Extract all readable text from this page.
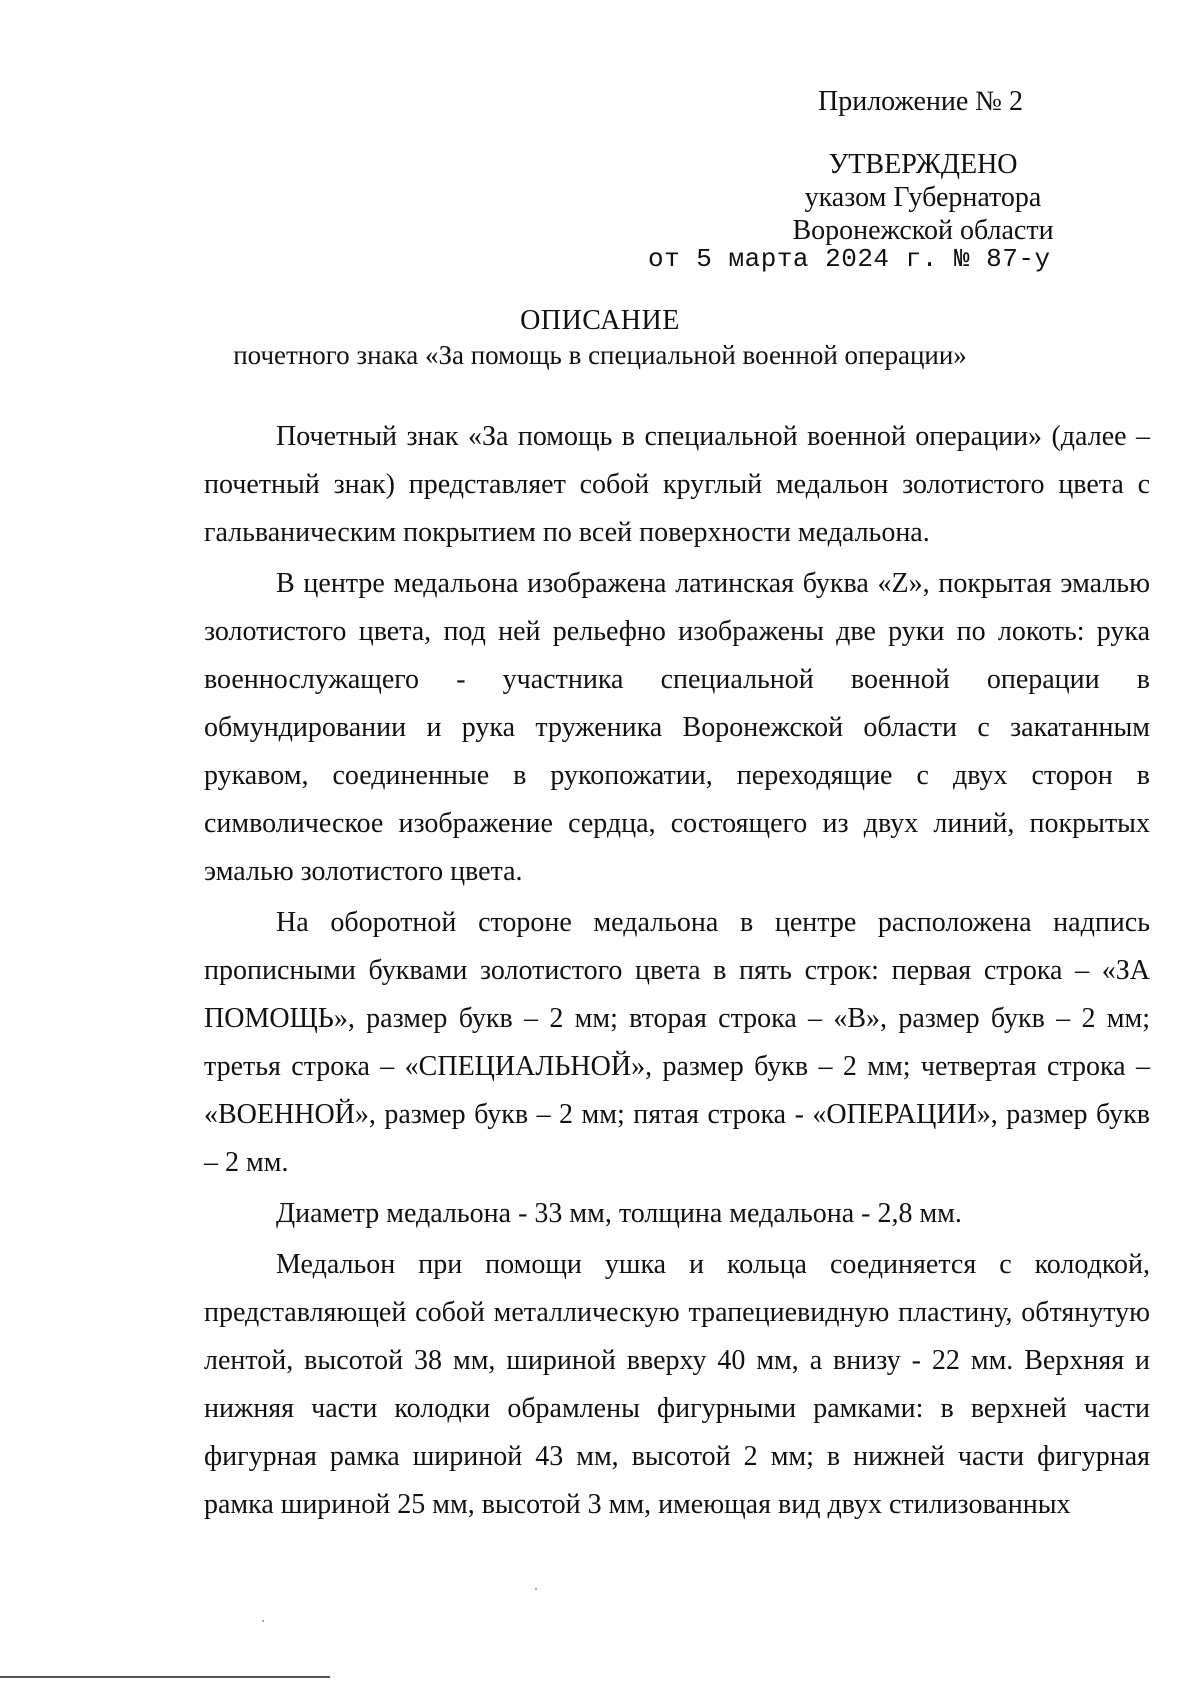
Приложение № 2
УТВЕРЖДЕНО
указом Губернатора
Воронежской области
от 5 марта 2024 г. № 87-у
ОПИСАНИЕ
почетного знака «За помощь в специальной военной операции»

Почетный знак «За помощь в специальной военной операции» (далее – почетный знак) представляет собой круглый медальон золотистого цвета с гальваническим покрытием по всей поверхности медальона.

В центре медальона изображена латинская буква «Z», покрытая эмалью золотистого цвета, под ней рельефно изображены две руки по локоть: рука военнослужащего - участника специальной военной операции в обмундировании и рука труженика Воронежской области с закатанным рукавом, соединенные в рукопожатии, переходящие с двух сторон в символическое изображение сердца, состоящего из двух линий, покрытых эмалью золотистого цвета.

На оборотной стороне медальона в центре расположена надпись прописными буквами золотистого цвета в пять строк: первая строка – «ЗА ПОМОЩЬ», размер букв – 2 мм; вторая строка – «В», размер букв – 2 мм; третья строка – «СПЕЦИАЛЬНОЙ», размер букв – 2 мм; четвертая строка – «ВОЕННОЙ», размер букв – 2 мм; пятая строка - «ОПЕРАЦИИ», размер букв – 2 мм.

Диаметр медальона - 33 мм, толщина медальона - 2,8 мм.

Медальон при помощи ушка и кольца соединяется с колодкой, представляющей собой металлическую трапециевидную пластину, обтянутую лентой, высотой 38 мм, шириной вверху 40 мм, а внизу - 22 мм. Верхняя и нижняя части колодки обрамлены фигурными рамками: в верхней части фигурная рамка шириной 43 мм, высотой 2 мм; в нижней части фигурная рамка шириной 25 мм, высотой 3 мм, имеющая вид двух стилизованных
